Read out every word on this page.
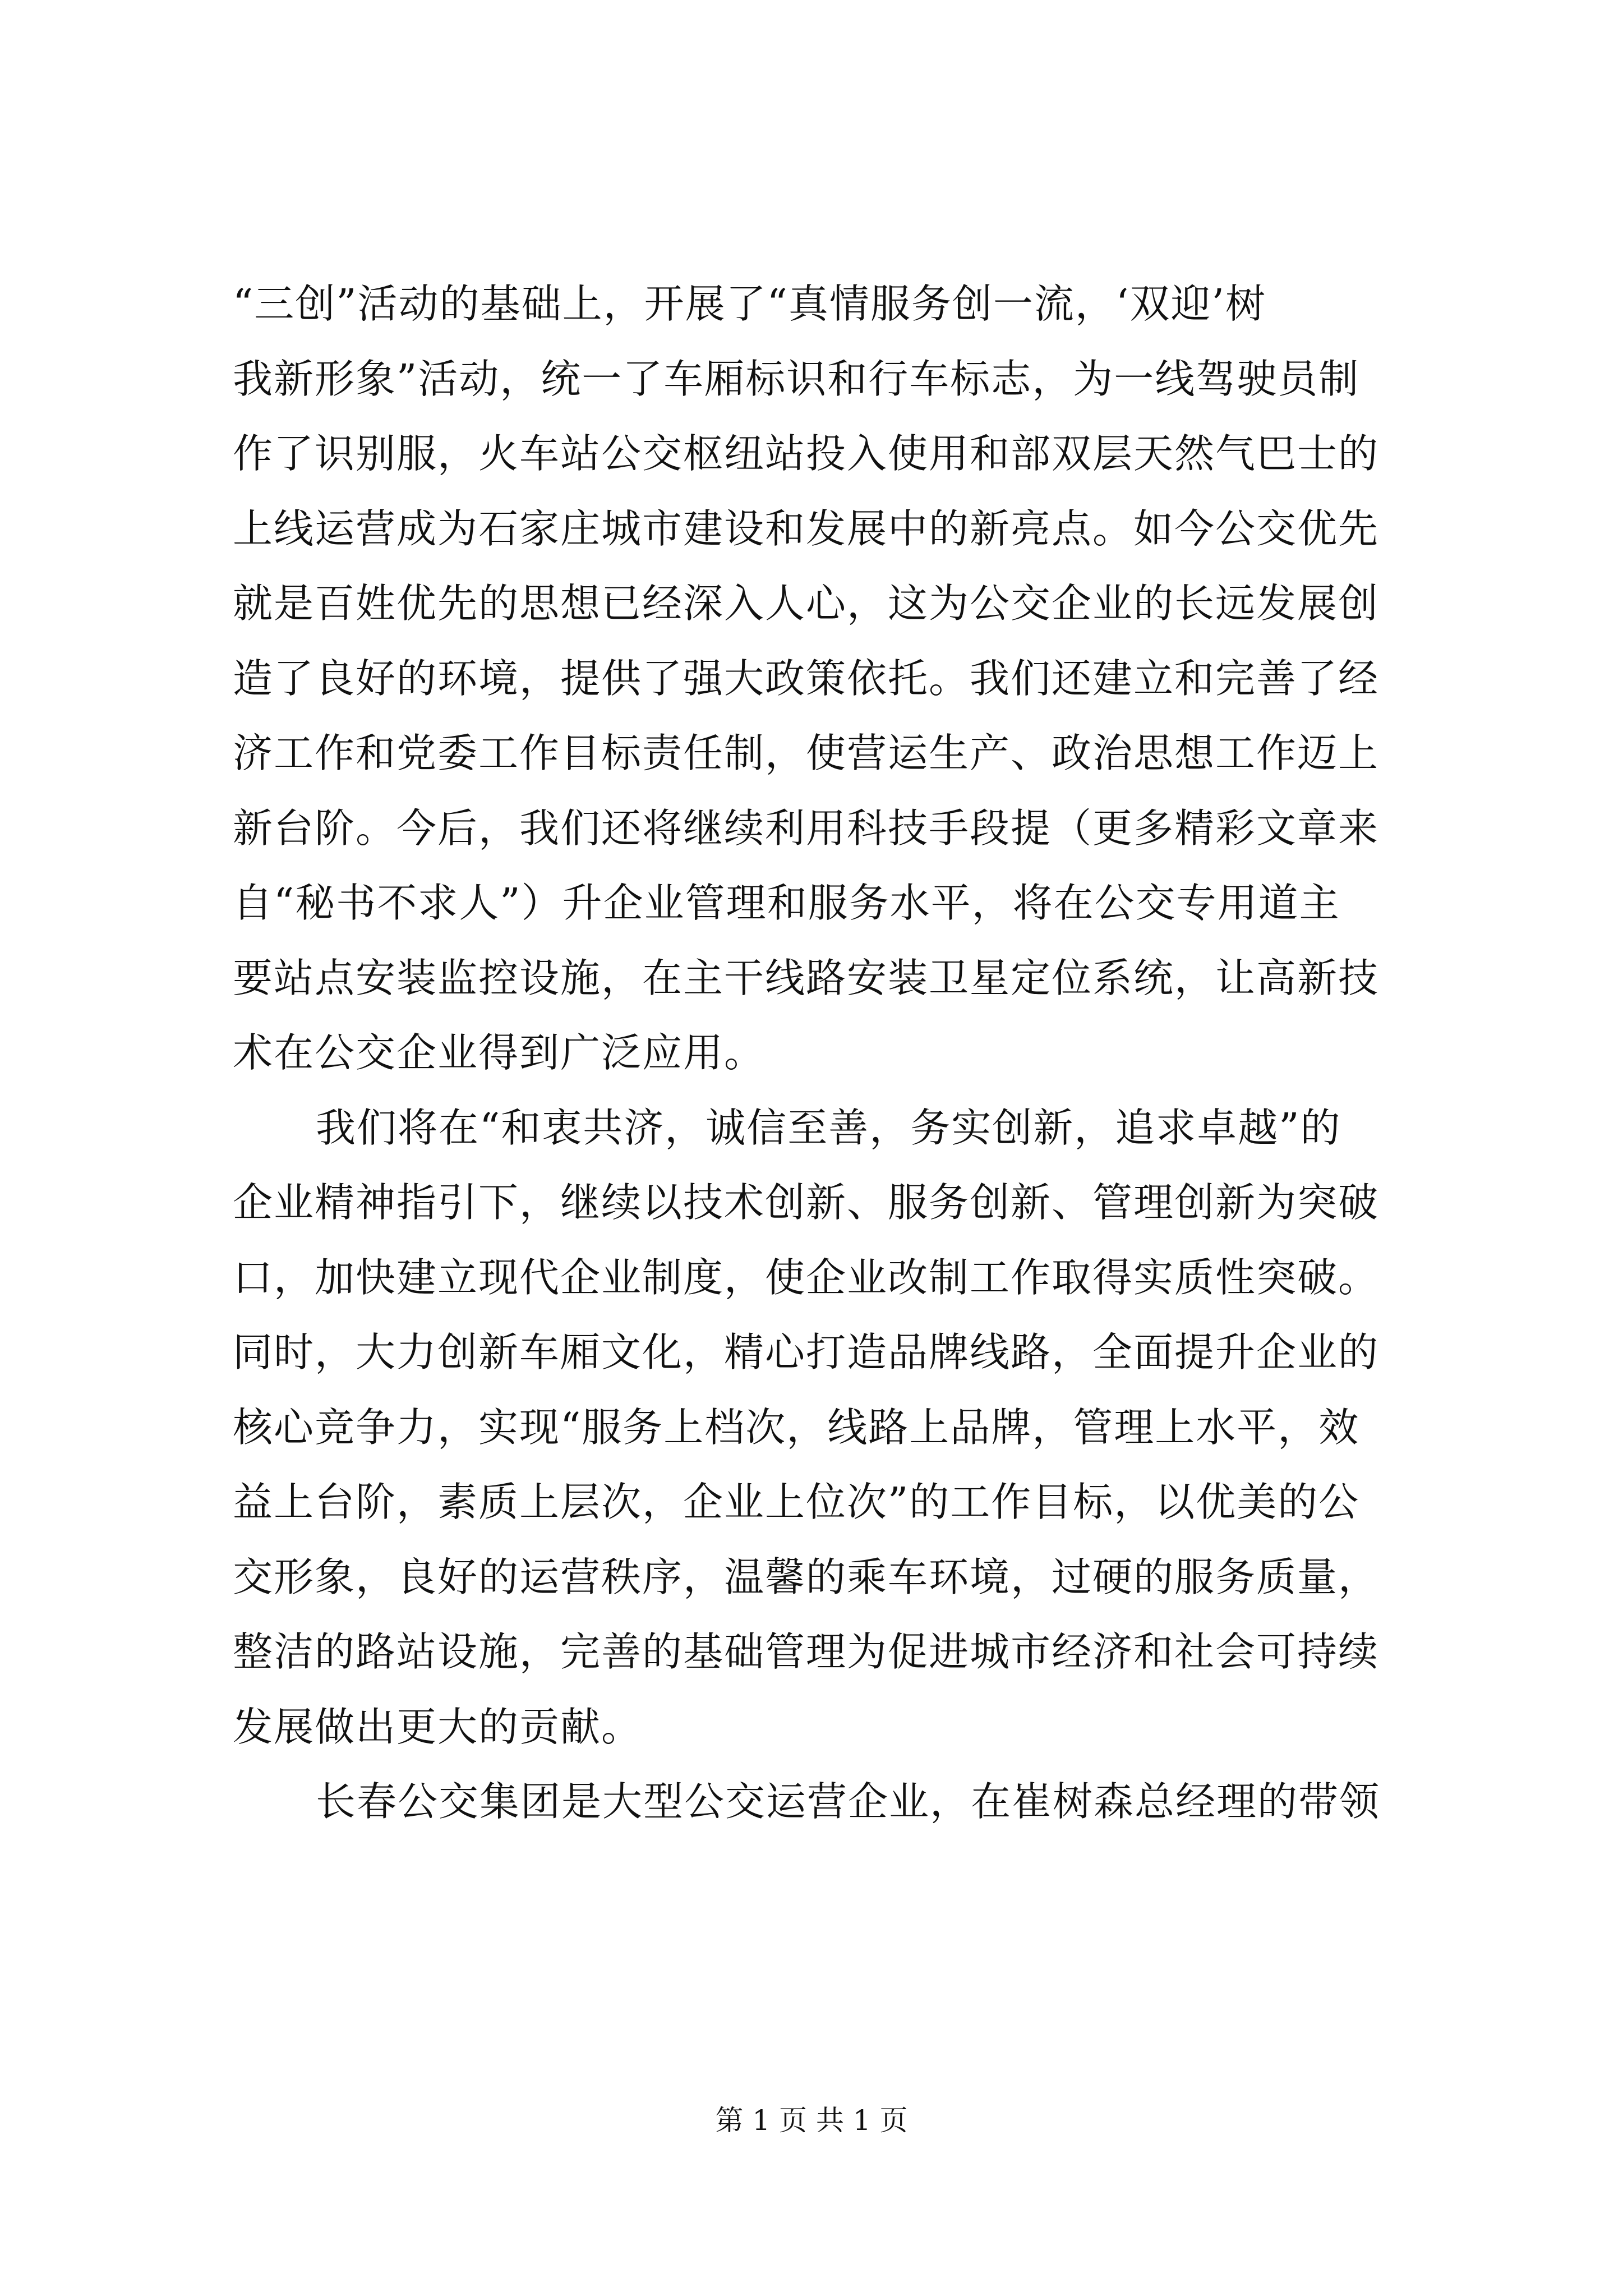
“三创”活动的基础上，开展了“真情服务创一流，‘双迎’树
我新形象”活动，统一了车厢标识和行车标志，为一线驾驶员制
作了识别服，火车站公交枢纽站投入使用和部双层天然气巴士的
上线运营成为石家庄城市建设和发展中的新亮点。如今公交优先
就是百姓优先的思想已经深入人心，这为公交企业的长远发展创
造了良好的环境，提供了强大政策依托。我们还建立和完善了经
济工作和党委工作目标责任制，使营运生产、政治思想工作迈上
新台阶。今后，我们还将继续利用科技手段提（更多精彩文章来
自“秘书不求人”）升企业管理和服务水平，将在公交专用道主
要站点安装监控设施，在主干线路安装卫星定位系统，让高新技
术在公交企业得到广泛应用。
我们将在“和衷共济，诚信至善，务实创新，追求卓越”的
企业精神指引下，继续以技术创新、服务创新、管理创新为突破
口，加快建立现代企业制度，使企业改制工作取得实质性突破。
同时，大力创新车厢文化，精心打造品牌线路，全面提升企业的
核心竞争力，实现“服务上档次，线路上品牌，管理上水平，效
益上台阶，素质上层次，企业上位次”的工作目标，以优美的公
交形象，良好的运营秩序，温馨的乘车环境，过硬的服务质量，
整洁的路站设施，完善的基础管理为促进城市经济和社会可持续
发展做出更大的贡献。
长春公交集团是大型公交运营企业，在崔树森总经理的带领
第 1 页 共 1 页
